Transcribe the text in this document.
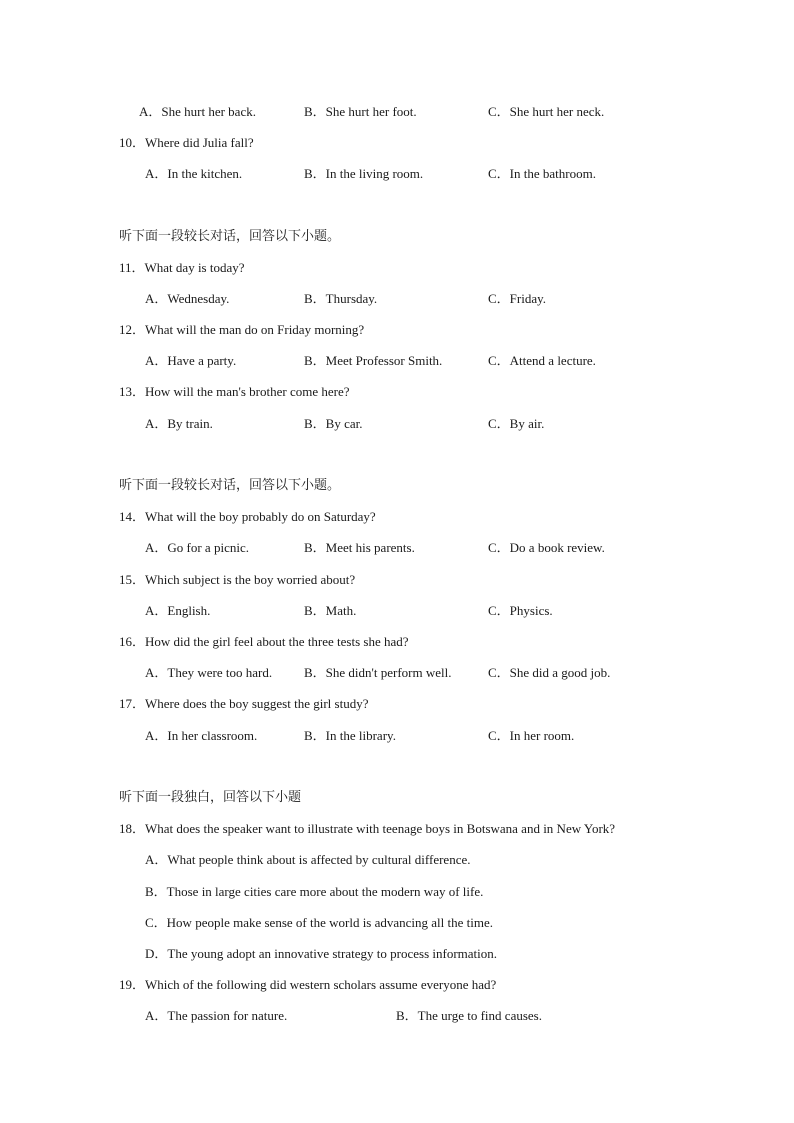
A．She hurt her back.	B．She hurt her foot.	C．She hurt her neck.
10．Where did Julia fall?
A．In the kitchen.	B．In the living room.	C．In the bathroom.
听下面一段较长对话，回答以下小题。
11．What day is today?
A．Wednesday.	B．Thursday.	C．Friday.
12．What will the man do on Friday morning?
A．Have a party.	B．Meet Professor Smith.	C．Attend a lecture.
13．How will the man's brother come here?
A．By train.	B．By car.	C．By air.
听下面一段较长对话，回答以下小题。
14．What will the boy probably do on Saturday?
A．Go for a picnic.	B．Meet his parents.	C．Do a book review.
15．Which subject is the boy worried about?
A．English.	B．Math.	C．Physics.
16．How did the girl feel about the three tests she had?
A．They were too hard. B．She didn't perform well.	C．She did a good job.
17．Where does the boy suggest the girl study?
A．In her classroom.	B．In the library.	C．In her room.
听下面一段独白，回答以下小题
18．What does the speaker want to illustrate with teenage boys in Botswana and in New York?
A．What people think about is affected by cultural difference.
B．Those in large cities care more about the modern way of life.
C．How people make sense of the world is advancing all the time.
D．The young adopt an innovative strategy to process information.
19．Which of the following did western scholars assume everyone had?
A．The passion for nature.	B．The urge to find causes.
